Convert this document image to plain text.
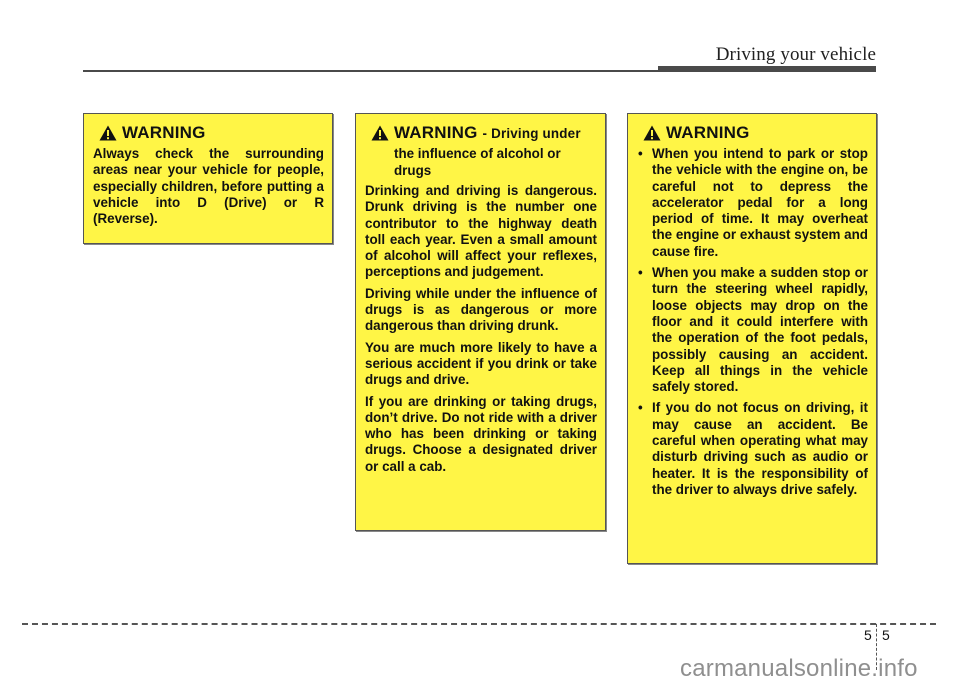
Driving your vehicle
WARNING

Always check the surrounding areas near your vehicle for people, especially children, before putting a vehicle into D (Drive) or R (Reverse).

WARNING - Driving under
the influence of alcohol or drugs

Drinking and driving is dangerous. Drunk driving is the number one contributor to the highway death toll each year. Even a small amount of alcohol will affect your reflexes, perceptions and judgement.

Driving while under the influence of drugs is as dangerous or more dangerous than driving drunk.

You are much more likely to have a serious accident if you drink or take drugs and drive.

If you are drinking or taking drugs, don’t drive. Do not ride with a driver who has been drinking or taking drugs. Choose a designated driver or call a cab.

WARNING
• When you intend to park or stop the vehicle with the engine on, be careful not to depress the accelerator pedal for a long period of time. It may overheat the engine or exhaust system and cause fire.
• When you make a sudden stop or turn the steering wheel rapidly, loose objects may drop on the floor and it could interfere with the operation of the foot pedals, possibly causing an accident. Keep all things in the vehicle safely stored.
• If you do not focus on driving, it may cause an accident. Be careful when operating what may disturb driving such as audio or heater. It is the responsibility of the driver to always drive safely.
5 5
carmanualsonline.info
